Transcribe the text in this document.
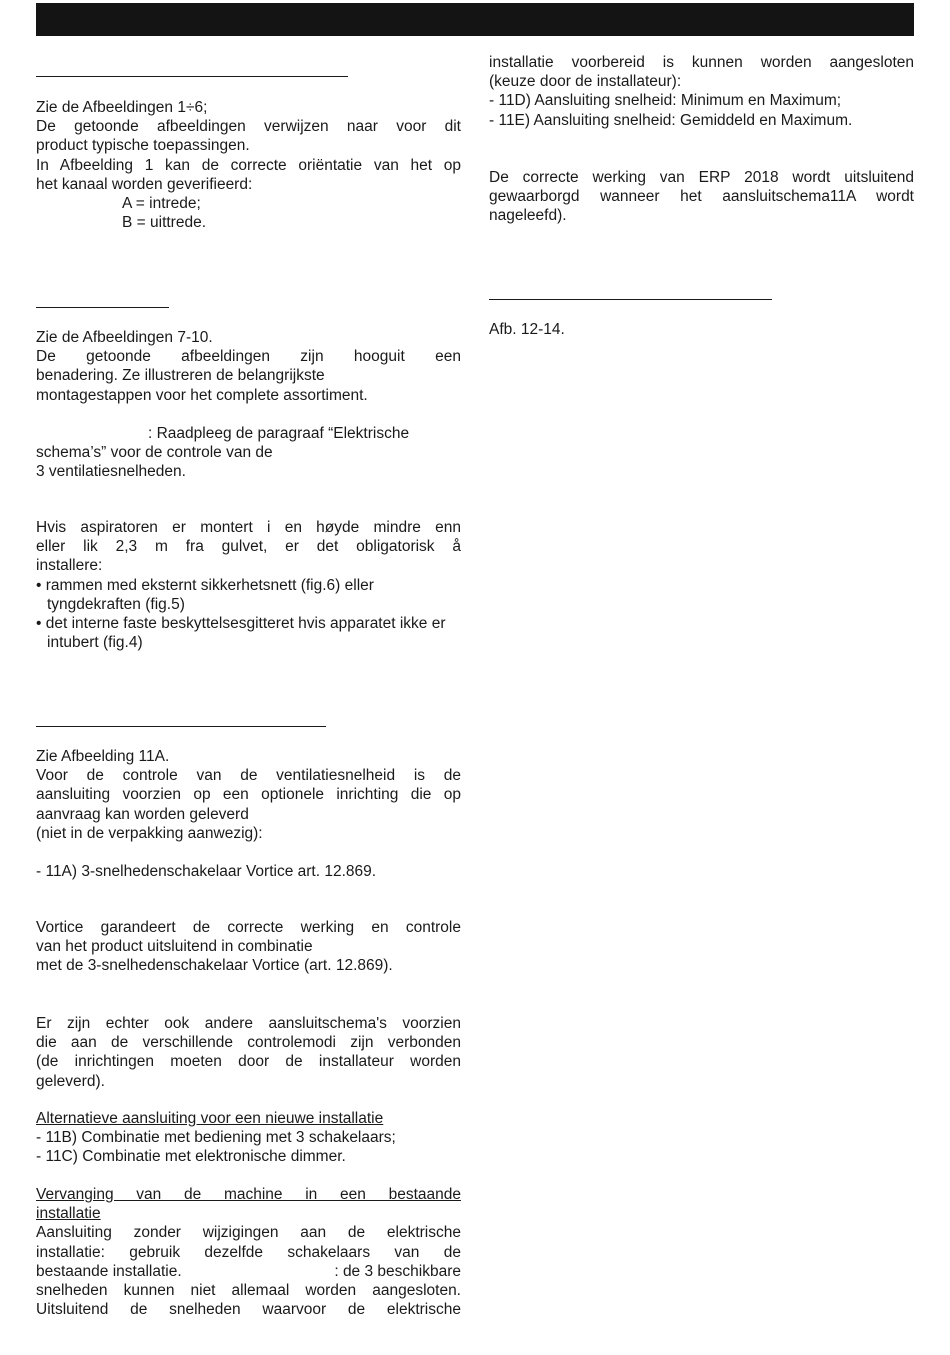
Zie de Afbeeldingen 1÷6;

De getoonde afbeeldingen verwijzen naar voor dit

product typische toepassingen.

In Afbeelding 1 kan de correcte oriëntatie van het op

het kanaal worden geverifieerd:

A = intrede;

B = uittrede.

Zie de Afbeeldingen 7-10.

De getoonde afbeeldingen zijn hooguit een

benadering. Ze illustreren de belangrijkste

montagestappen voor het complete assortiment.

: Raadpleeg de paragraaf “Elektrische

schema’s” voor de controle van de

3 ventilatiesnelheden.

Hvis aspiratoren er montert i en høyde mindre enn

eller lik 2,3 m fra gulvet, er det obligatorisk å

installere:

• rammen med eksternt sikkerhetsnett (fig.6) eller tyngdekraften (fig.5)

• det interne faste beskyttelsesgitteret hvis apparatet ikke er intubert (fig.4)

Zie Afbeelding 11A.

Voor de controle van de ventilatiesnelheid is de

aansluiting voorzien op een optionele inrichting die op

aanvraag kan worden geleverd

(niet in de verpakking aanwezig):

- 11A) 3-snelhedenschakelaar Vortice art. 12.869.

Vortice garandeert de correcte werking en controle

van het product uitsluitend in combinatie

met de 3-snelhedenschakelaar Vortice (art. 12.869).

Er zijn echter ook andere aansluitschema's voorzien

die aan de verschillende controlemodi zijn verbonden

(de inrichtingen moeten door de installateur worden

geleverd).

Alternatieve aansluiting voor een nieuwe installatie

- 11B) Combinatie met bediening met 3 schakelaars;

- 11C) Combinatie met elektronische dimmer.

Vervanging van de machine in een bestaande

installatie

Aansluiting zonder wijzigingen aan de elektrische

installatie: gebruik dezelfde schakelaars van de

bestaande installatie.	: de 3 beschikbare

snelheden kunnen niet allemaal worden aangesloten.

Uitsluitend de snelheden waarvoor de elektrische

installatie voorbereid is kunnen worden aangesloten

(keuze door de installateur):

- 11D) Aansluiting snelheid: Minimum en Maximum;

- 11E) Aansluiting snelheid: Gemiddeld en Maximum.

De correcte werking van ERP 2018 wordt uitsluitend

gewaarborgd wanneer het aansluitschema11A wordt

nageleefd).

Afb. 12-14.
